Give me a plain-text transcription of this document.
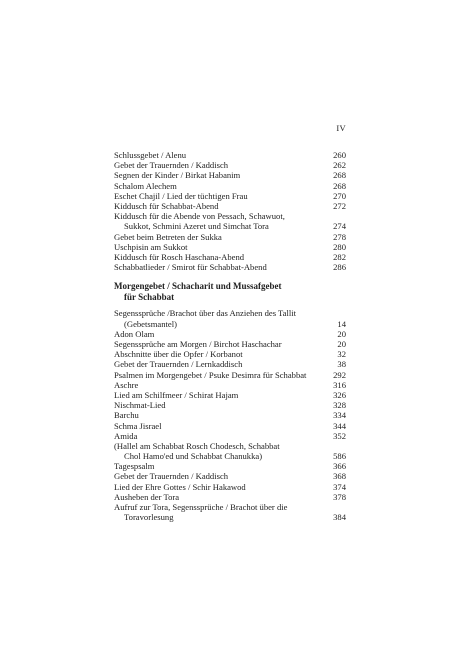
IV
Schlussgebet / Alenu	260
Gebet der Trauernden / Kaddisch	262
Segnen der Kinder / Birkat Habanim	268
Schalom Alechem	268
Eschet Chajil / Lied der tüchtigen Frau	270
Kiddusch für Schabbat-Abend	272
Kiddusch für die Abende von Pessach, Schawuot,
Sukkot, Schmini Azeret und Simchat Tora	274
Gebet beim Betreten der Sukka	278
Uschpisin am Sukkot	280
Kiddusch für Rosch Haschana-Abend	282
Schabbatlieder / Smirot für Schabbat-Abend	286
Morgengebet / Schacharit und Mussafgebet
für Schabbat
Segenssprüche /Brachot über das Anziehen des Tallit
(Gebetsmantel)	14
Adon Olam	20
Segenssprüche am Morgen / Birchot Haschachar	20
Abschnitte über die Opfer / Korbanot	32
Gebet der Trauernden / Lernkaddisch	38
Psalmen im Morgengebet / Psuke Desimra für Schabbat	292
Aschre	316
Lied am Schilfmeer / Schirat Hajam	326
Nischmat-Lied	328
Barchu	334
Schma Jisrael	344
Amida	352
(Hallel am Schabbat Rosch Chodesch, Schabbat
Chol Hamo'ed und Schabbat Chanukka)	586
Tagespsalm	366
Gebet der Trauernden / Kaddisch	368
Lied der Ehre Gottes / Schir Hakawod	374
Ausheben der Tora	378
Aufruf zur Tora, Segenssprüche / Brachot über die
Toravorlesung	384
